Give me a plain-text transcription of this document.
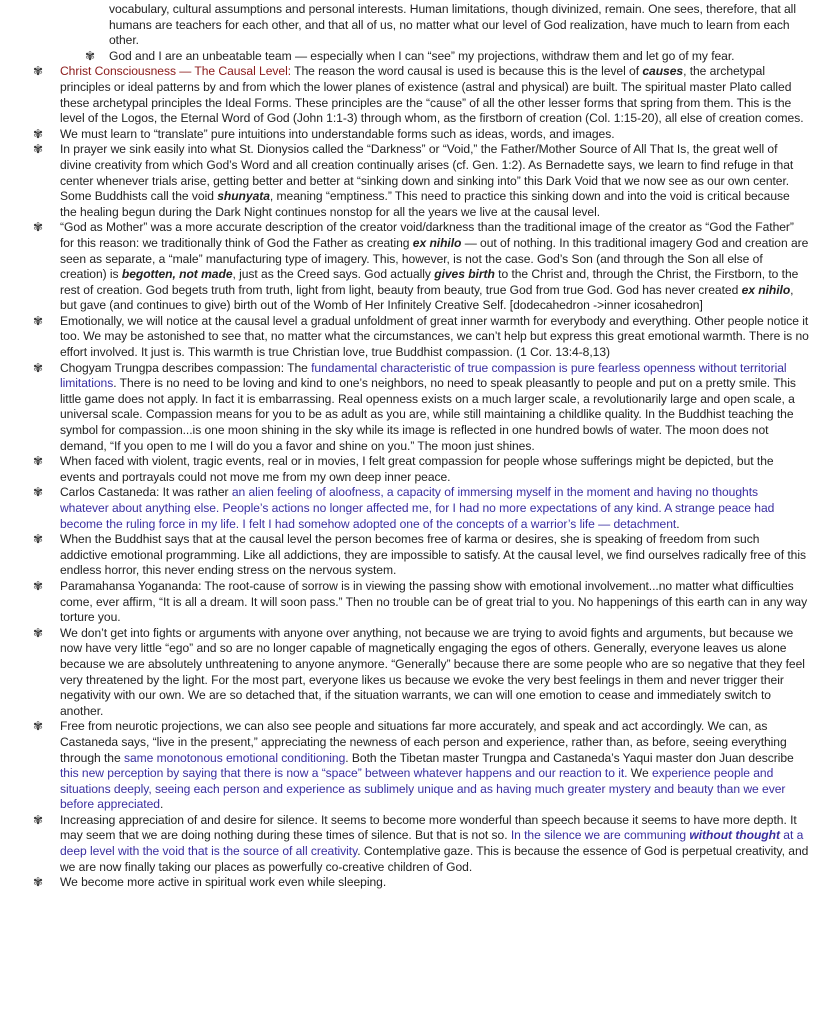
vocabulary, cultural assumptions and personal interests. Human limitations, though divinized, remain. One sees, therefore, that all humans are teachers for each other, and that all of us, no matter what our level of God realization, have much to learn from each other.
✾ God and I are an unbeatable team — especially when I can “see” my projections, withdraw them and let go of my fear.
✾ Christ Consciousness — The Causal Level: The reason the word causal is used is because this is the level of causes, the archetypal principles or ideal patterns by and from which the lower planes of existence (astral and physical) are built. The spiritual master Plato called these archetypal principles the Ideal Forms. These principles are the “cause” of all the other lesser forms that spring from them. This is the level of the Logos, the Eternal Word of God (John 1:1-3) through whom, as the firstborn of creation (Col. 1:15-20), all else of creation comes.
✾ We must learn to “translate” pure intuitions into understandable forms such as ideas, words, and images.
✾ In prayer we sink easily into what St. Dionysios called the “Darkness” or “Void,” the Father/Mother Source of All That Is, the great well of divine creativity from which God’s Word and all creation continually arises (cf. Gen. 1:2). As Bernadette says, we learn to find refuge in that center whenever trials arise, getting better and better at “sinking down and sinking into” this Dark Void that we now see as our own center. Some Buddhists call the void shunyata, meaning “emptiness.” This need to practice this sinking down and into the void is critical because the healing begun during the Dark Night continues nonstop for all the years we live at the causal level.
✾ “God as Mother” was a more accurate description of the creator void/darkness than the traditional image of the creator as “God the Father” for this reason: we traditionally think of God the Father as creating ex nihilo — out of nothing. In this traditional imagery God and creation are seen as separate, a “male” manufacturing type of imagery. This, however, is not the case. God’s Son (and through the Son all else of creation) is begotten, not made, just as the Creed says. God actually gives birth to the Christ and, through the Christ, the Firstborn, to the rest of creation. God begets truth from truth, light from light, beauty from beauty, true God from true God. God has never created ex nihilo, but gave (and continues to give) birth out of the Womb of Her Infinitely Creative Self. [dodecahedron ->inner icosahedron]
✾ Emotionally, we will notice at the causal level a gradual unfoldment of great inner warmth for everybody and everything. Other people notice it too. We may be astonished to see that, no matter what the circumstances, we can’t help but express this great emotional warmth. There is no effort involved. It just is. This warmth is true Christian love, true Buddhist compassion. (1 Cor. 13:4-8,13)
✾ Chogyam Trungpa describes compassion: The fundamental characteristic of true compassion is pure fearless openness without territorial limitations. There is no need to be loving and kind to one’s neighbors, no need to speak pleasantly to people and put on a pretty smile. This little game does not apply. In fact it is embarrassing. Real openness exists on a much larger scale, a revolutionarily large and open scale, a universal scale. Compassion means for you to be as adult as you are, while still maintaining a childlike quality. In the Buddhist teaching the symbol for compassion...is one moon shining in the sky while its image is reflected in one hundred bowls of water. The moon does not demand, “If you open to me I will do you a favor and shine on you.” The moon just shines.
✾ When faced with violent, tragic events, real or in movies, I felt great compassion for people whose sufferings might be depicted, but the events and portrayals could not move me from my own deep inner peace.
✾ Carlos Castaneda: It was rather an alien feeling of aloofness, a capacity of immersing myself in the moment and having no thoughts whatever about anything else. People’s actions no longer affected me, for I had no more expectations of any kind. A strange peace had become the ruling force in my life. I felt I had somehow adopted one of the concepts of a warrior’s life — detachment.
✾ When the Buddhist says that at the causal level the person becomes free of karma or desires, she is speaking of freedom from such addictive emotional programming. Like all addictions, they are impossible to satisfy. At the causal level, we find ourselves radically free of this endless horror, this never ending stress on the nervous system.
✾ Paramahansa Yogananda: The root-cause of sorrow is in viewing the passing show with emotional involvement...no matter what difficulties come, ever affirm, “It is all a dream. It will soon pass.” Then no trouble can be of great trial to you. No happenings of this earth can in any way torture you.
✾ We don’t get into fights or arguments with anyone over anything, not because we are trying to avoid fights and arguments, but because we now have very little “ego” and so are no longer capable of magnetically engaging the egos of others. Generally, everyone leaves us alone because we are absolutely unthreatening to anyone anymore. “Generally” because there are some people who are so negative that they feel very threatened by the light. For the most part, everyone likes us because we evoke the very best feelings in them and never trigger their negativity with our own. We are so detached that, if the situation warrants, we can will one emotion to cease and immediately switch to another.
✾ Free from neurotic projections, we can also see people and situations far more accurately, and speak and act accordingly. We can, as Castaneda says, “live in the present,” appreciating the newness of each person and experience, rather than, as before, seeing everything through the same monotonous emotional conditioning. Both the Tibetan master Trungpa and Castaneda’s Yaqui master don Juan describe this new perception by saying that there is now a “space” between whatever happens and our reaction to it. We experience people and situations deeply, seeing each person and experience as sublimely unique and as having much greater mystery and beauty than we ever before appreciated.
✾ Increasing appreciation of and desire for silence. It seems to become more wonderful than speech because it seems to have more depth. It may seem that we are doing nothing during these times of silence. But that is not so. In the silence we are communing without thought at a deep level with the void that is the source of all creativity. Contemplative gaze. This is because the essence of God is perpetual creativity, and we are now finally taking our places as powerfully co-creative children of God.
✾ We become more active in spiritual work even while sleeping.
